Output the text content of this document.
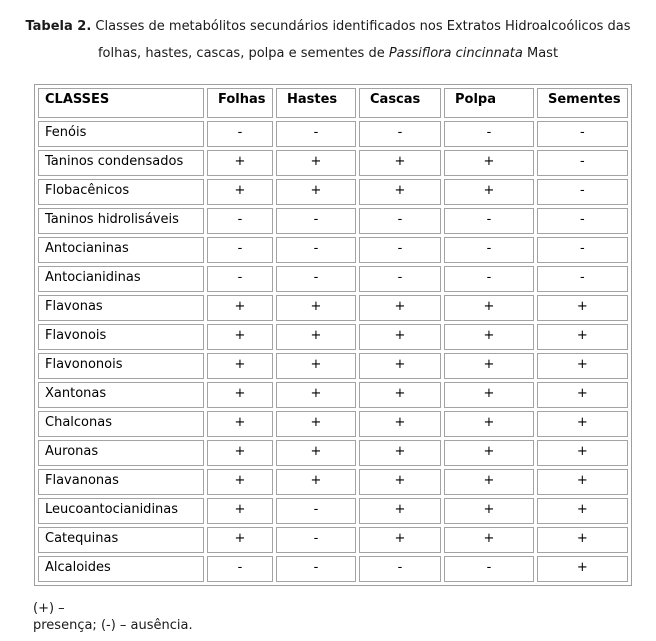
Tabela 2. Classes de metabólitos secundários identificados nos Extratos Hidroalcoólicos das
folhas, hastes, cascas, polpa e sementes de Passiflora cincinnata Mast
CLASSES	Folhas	Hastes	Cascas	Polpa	Sementes
Fenóis	-	-	-	-	-
Taninos condensados	+	+	+	+	-
Flobacênicos	+	+	+	+	-
Taninos hidrolisáveis	-	-	-	-	-
Antocianinas	-	-	-	-	-
Antocianidinas	-	-	-	-	-
Flavonas	+	+	+	+	+
Flavonois	+	+	+	+	+
Flavononois	+	+	+	+	+
Xantonas	+	+	+	+	+
Chalconas	+	+	+	+	+
Auronas	+	+	+	+	+
Flavanonas	+	+	+	+	+
Leucoantocianidinas	+	-	+	+	+
Catequinas	+	-	+	+	+
Alcaloides	-	-	-	-	+
(+) –
presença; (-) – ausência.
